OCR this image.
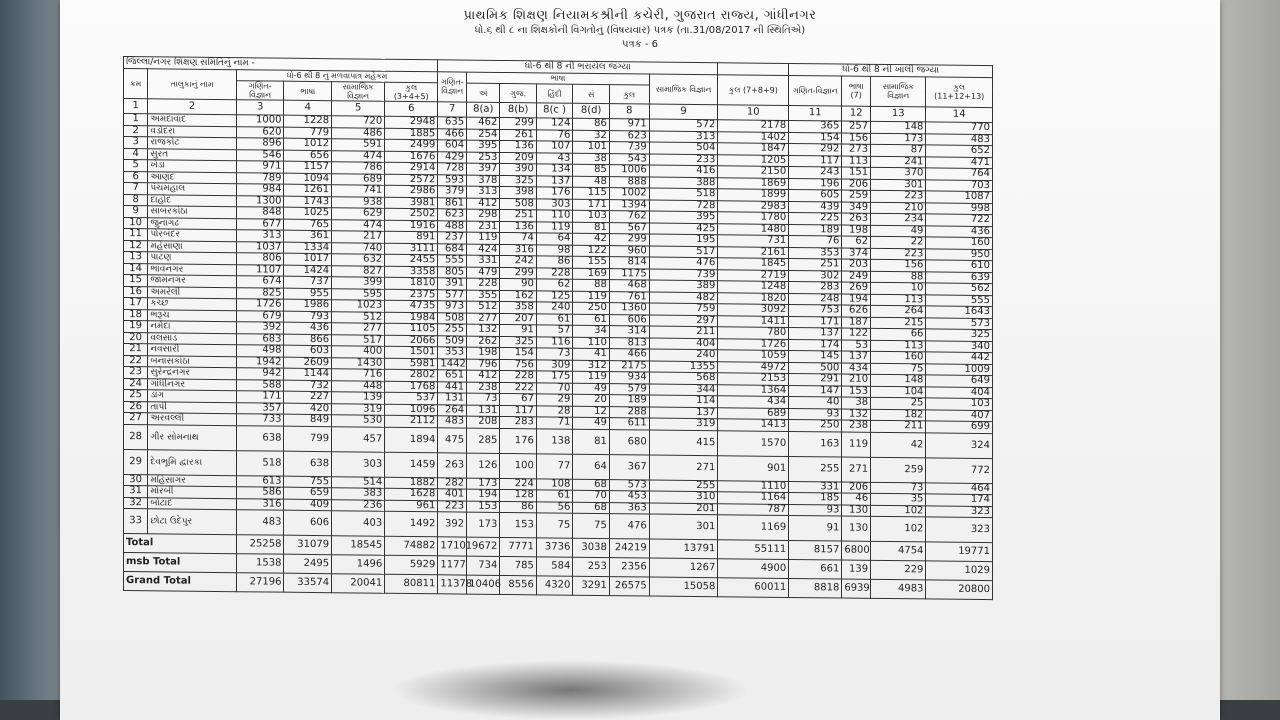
પ્રાથમિક શિક્ષણ નિયામકશ્રીની કચેરી, ગુજરાત રાજ્ય, ગાંધીનગર
ધો.૬ થી ૮ ના શિક્ષકોની વિગતોનું (વિષયવાર) પત્રક (તા.31/08/2017 ની સ્થિતિએ)
પત્રક - 6
જિલ્લા/નગર શિક્ષણ સમિતિનું નામ -						ધો-6 થી 8 ની ભરાયેલ જગ્યા								ધો-6 થી 8 ની ખાલી જગ્યા			
ક્રમ	તાલુકાનું નામ	ધો-6 થી 8 નુ મળવાપાત્ર મહેકમ				ગણિત-વિજ્ઞાન	ભાષા					સામાજિક વિજ્ઞાન	કુલ (7+8+9)	ગણિત-વિજ્ઞાન	ભાષા (7)	સામાજિક વિજ્ઞાન	કુલ (11+12+13)
		ગણિત-વિજ્ઞાન	ભાષા	સામાજિક વિજ્ઞાન	કુલ (3+4+5)		અં	ગુજ.	હિંદી	સં	કુલ						

1	2	3	4	5	6	7	8(a)	8(b)	8(c )	8(d)	8	9	10	11	12	13	14
1	અમદાવાદ	1000	1228	720	2948	635	462	299	124	86	971	572	2178	365	257	148	770
2	વડોદરા	620	779	486	1885	466	254	261	76	32	623	313	1402	154	156	173	483
3	રાજકોટ	896	1012	591	2499	604	395	136	107	101	739	504	1847	292	273	87	652
4	સુરત	546	656	474	1676	429	253	209	43	38	543	233	1205	117	113	241	471
5	ખેડા	971	1157	786	2914	728	397	390	134	85	1006	416	2150	243	151	370	764
6	આણંદ	789	1094	689	2572	593	378	325	137	48	888	388	1869	196	206	301	703
7	પંચમહાલ	984	1261	741	2986	379	313	398	176	115	1002	518	1899	605	259	223	1087
8	દાહોદ	1300	1743	938	3981	861	412	508	303	171	1394	728	2983	439	349	210	998
9	સાબરકાંઠા	848	1025	629	2502	623	298	251	110	103	762	395	1780	225	263	234	722
10	જુનાગઢ	677	765	474	1916	488	231	136	119	81	567	425	1480	189	198	49	436
11	પોરબંદર	313	361	217	891	237	119	74	64	42	299	195	731	76	62	22	160
12	મહેસાણા	1037	1334	740	3111	684	424	316	98	122	960	517	2161	353	374	223	950
13	પાટણ	806	1017	632	2455	555	331	242	86	155	814	476	1845	251	203	156	610
14	ભાવનગર	1107	1424	827	3358	805	479	299	228	169	1175	739	2719	302	249	88	639
15	જામનગર	674	737	399	1810	391	228	90	62	88	468	389	1248	283	269	10	562
16	અમરેલી	825	955	595	2375	577	355	162	125	119	761	482	1820	248	194	113	555
17	કચ્છ	1726	1986	1023	4735	973	512	358	240	250	1360	759	3092	753	626	264	1643
18	ભરૂચ	679	793	512	1984	508	277	207	61	61	606	297	1411	171	187	215	573
19	નર્મદા	392	436	277	1105	255	132	91	57	34	314	211	780	137	122	66	325
20	વલસાડ	683	866	517	2066	509	262	325	116	110	813	404	1726	174	53	113	340
21	નવસારી	498	603	400	1501	353	198	154	73	41	466	240	1059	145	137	160	442
22	બનાસકાંઠા	1942	2609	1430	5981	1442	796	756	309	312	2175	1355	4972	500	434	75	1009
23	સુરેન્દ્રનગર	942	1144	716	2802	651	412	228	175	119	934	568	2153	291	210	148	649
24	ગાંધીનગર	588	732	448	1768	441	238	222	70	49	579	344	1364	147	153	104	404
25	ડાંગ	171	227	139	537	131	73	67	29	20	189	114	434	40	38	25	103
26	તાપી	357	420	319	1096	264	131	117	28	12	288	137	689	93	132	182	407
27	અરવલ્લી	733	849	530	2112	483	208	283	71	49	611	319	1413	250	238	211	699
28	ગીર સોમનાથ	638	799	457	1894	475	285	176	138	81	680	415	1570	163	119	42	324
29	દેવભૂમિ દ્વારકા	518	638	303	1459	263	126	100	77	64	367	271	901	255	271	259	772
30	મહિસાગર	613	755	514	1882	282	173	224	108	68	573	255	1110	331	206	73	464
31	મોરબી	586	659	383	1628	401	194	128	61	70	453	310	1164	185	46	35	174
32	બોટાદ	316	409	236	961	223	153	86	56	68	363	201	787	93	130	102	323
33	છોટા ઉદેપુર	483	606	403	1492	392	173	153	75	75	476	301	1169	91	130	102	323
Total		25258	31079	18545	74882	17101	9672	7771	3736	3038	24219	13791	55111	8157	6800	4754	19771
msb Total		1538	2495	1496	5929	1177	734	785	584	253	2356	1267	4900	661	139	229	1029
Grand Total		27196	33574	20041	80811	11378	10406	8556	4320	3291	26575	15058	60011	8818	6939	4983	20800
